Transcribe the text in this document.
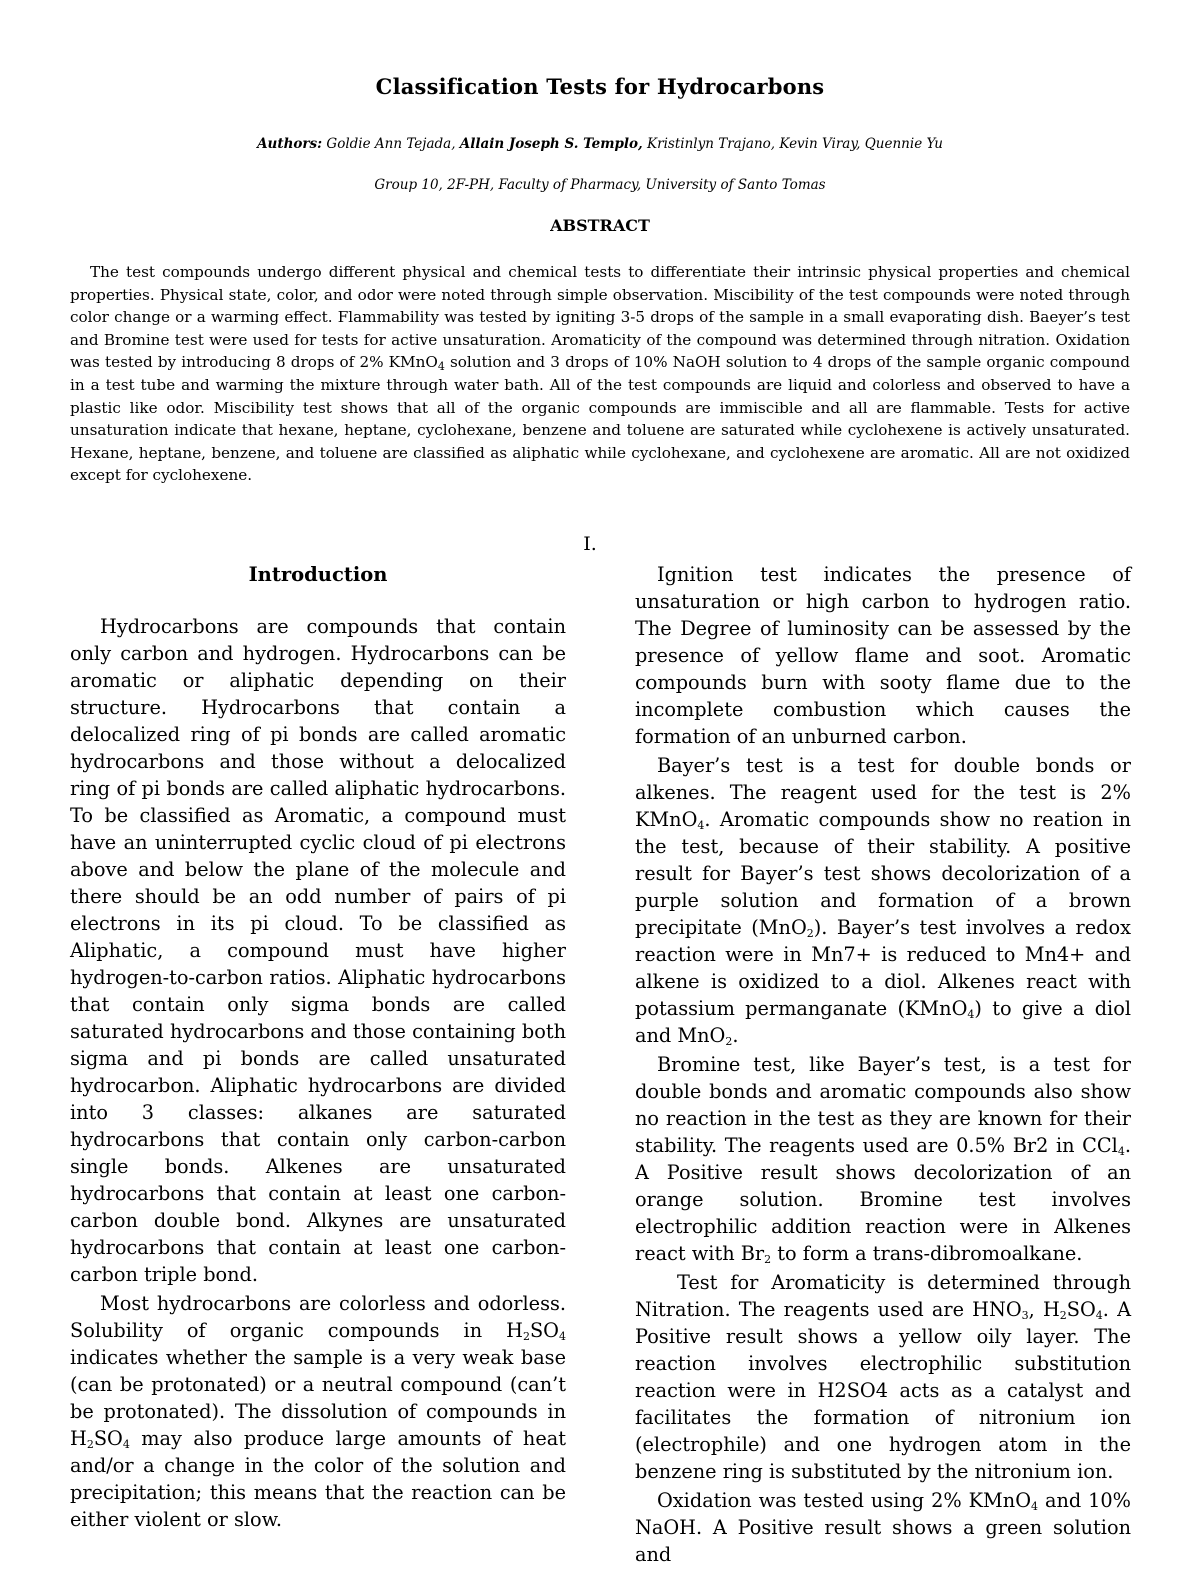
Classification Tests for Hydrocarbons
Authors: Goldie Ann Tejada, Allain Joseph S. Templo, Kristinlyn Trajano, Kevin Viray, Quennie Yu
Group 10, 2F-PH, Faculty of Pharmacy, University of Santo Tomas
ABSTRACT
The test compounds undergo different physical and chemical tests to differentiate their intrinsic physical properties and chemical properties. Physical state, color, and odor were noted through simple observation. Miscibility of the test compounds were noted through color change or a warming effect. Flammability was tested by igniting 3-5 drops of the sample in a small evaporating dish. Baeyer’s test and Bromine test were used for tests for active unsaturation. Aromaticity of the compound was determined through nitration. Oxidation was tested by introducing 8 drops of 2% KMnO$_4$ solution and 3 drops of 10% NaOH solution to 4 drops of the sample organic compound in a test tube and warming the mixture through water bath. All of the test compounds are liquid and colorless and observed to have a plastic like odor. Miscibility test shows that all of the organic compounds are immiscible and all are flammable. Tests for active unsaturation indicate that hexane, heptane, cyclohexane, benzene and toluene are saturated while cyclohexene is actively unsaturated. Hexane, heptane, benzene, and toluene are classified as aliphatic while cyclohexane, and cyclohexene are aromatic. All are not oxidized except for cyclohexene.
I.
Introduction

Hydrocarbons are compounds that contain only carbon and hydrogen. Hydrocarbons can be aromatic or aliphatic depending on their structure. Hydrocarbons that contain a delocalized ring of pi bonds are called aromatic hydrocarbons and those without a delocalized ring of pi bonds are called aliphatic hydrocarbons. To be classified as Aromatic, a compound must have an uninterrupted cyclic cloud of pi electrons above and below the plane of the molecule and there should be an odd number of pairs of pi electrons in its pi cloud. To be classified as Aliphatic, a compound must have higher hydrogen-to-carbon ratios. Aliphatic hydrocarbons that contain only sigma bonds are called saturated hydrocarbons and those containing both sigma and pi bonds are called unsaturated hydrocarbon. Aliphatic hydrocarbons are divided into 3 classes: alkanes are saturated hydrocarbons that contain only carbon-carbon single bonds. Alkenes are unsaturated hydrocarbons that contain at least one carbon-carbon double bond. Alkynes are unsaturated hydrocarbons that contain at least one carbon-carbon triple bond.

Most hydrocarbons are colorless and odorless. Solubility of organic compounds in $H_2SO_4$ indicates whether the sample is a very weak base (can be protonated) or a neutral compound (can’t be protonated). The dissolution of compounds in $H_2SO_4$ may also produce large amounts of heat and/or a change in the color of the solution and precipitation; this means that the reaction can be either violent or slow.

Ignition test indicates the presence of unsaturation or high carbon to hydrogen ratio. The Degree of luminosity can be assessed by the presence of yellow flame and soot. Aromatic compounds burn with sooty flame due to the incomplete combustion which causes the formation of an unburned carbon.

Bayer’s test is a test for double bonds or alkenes. The reagent used for the test is 2% KMnO$_4$. Aromatic compounds show no reation in the test, because of their stability. A positive result for Bayer’s test shows decolorization of a purple solution and formation of a brown precipitate (MnO$_2$). Bayer’s test involves a redox reaction were in Mn7+ is reduced to Mn4+ and alkene is oxidized to a diol. Alkenes react with potassium permanganate (KMnO$_4$) to give a diol and MnO$_2$.

Bromine test, like Bayer’s test, is a test for double bonds and aromatic compounds also show no reaction in the test as they are known for their stability. The reagents used are 0.5% Br2 in CCl$_4$. A Positive result shows decolorization of an orange solution. Bromine test involves electrophilic addition reaction were in Alkenes react with $Br_2$ to form a trans-dibromoalkane.

Test for Aromaticity is determined through Nitration. The reagents used are $HNO_3$, $H_2SO_4$. A Positive result shows a yellow oily layer. The reaction involves electrophilic substitution reaction were in H2SO4 acts as a catalyst and facilitates the formation of nitronium ion (electrophile) and one hydrogen atom in the benzene ring is substituted by the nitronium ion.

Oxidation was tested using 2% KMnO$_4$ and 10% NaOH. A Positive result shows a green solution and
